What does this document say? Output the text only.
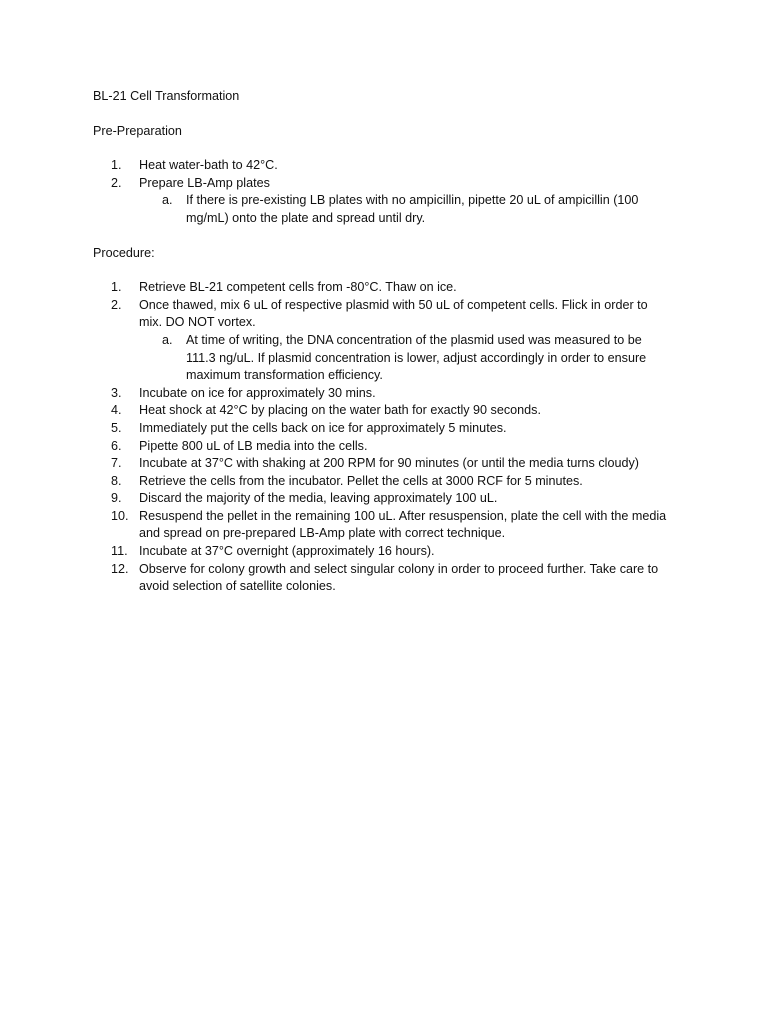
BL-21 Cell Transformation

Pre-Preparation

1. Heat water-bath to 42°C.
2. Prepare LB-Amp plates
a. If there is pre-existing LB plates with no ampicillin, pipette 20 uL of ampicillin (100 mg/mL) onto the plate and spread until dry.

Procedure:

1. Retrieve BL-21 competent cells from -80°C. Thaw on ice.
2. Once thawed, mix 6 uL of respective plasmid with 50 uL of competent cells. Flick in order to mix. DO NOT vortex.
a. At time of writing, the DNA concentration of the plasmid used was measured to be 111.3 ng/uL. If plasmid concentration is lower, adjust accordingly in order to ensure maximum transformation efficiency.
3. Incubate on ice for approximately 30 mins.
4. Heat shock at 42°C by placing on the water bath for exactly 90 seconds.
5. Immediately put the cells back on ice for approximately 5 minutes.
6. Pipette 800 uL of LB media into the cells.
7. Incubate at 37°C with shaking at 200 RPM for 90 minutes (or until the media turns cloudy)
8. Retrieve the cells from the incubator. Pellet the cells at 3000 RCF for 5 minutes.
9. Discard the majority of the media, leaving approximately 100 uL.
10. Resuspend the pellet in the remaining 100 uL. After resuspension, plate the cell with the media and spread on pre-prepared LB-Amp plate with correct technique.
11. Incubate at 37°C overnight (approximately 16 hours).
12. Observe for colony growth and select singular colony in order to proceed further. Take care to avoid selection of satellite colonies.
